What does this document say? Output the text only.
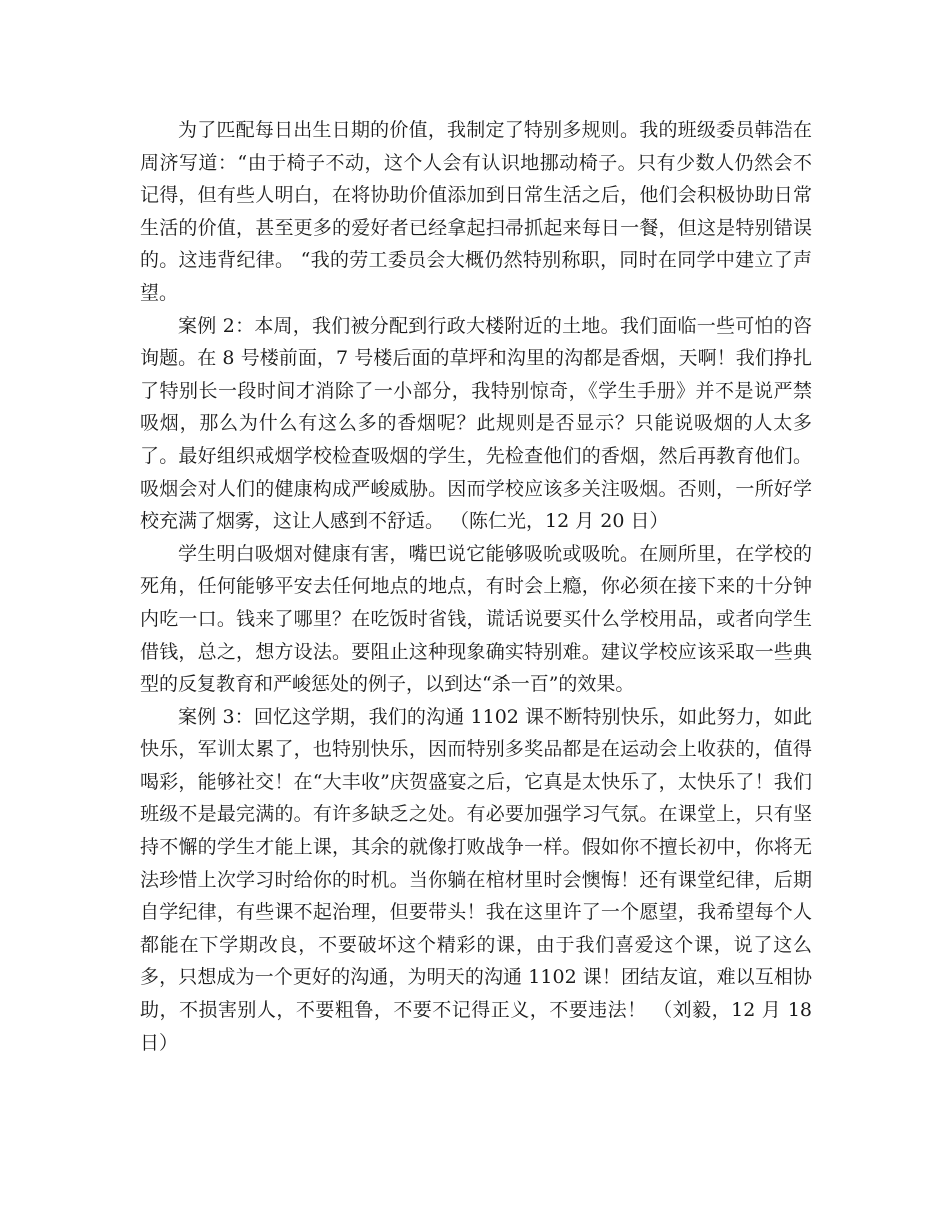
为了匹配每日出生日期的价值，我制定了特别多规则。我的班级委员韩浩在周济写道：“由于椅子不动，这个人会有认识地挪动椅子。只有少数人仍然会不记得，但有些人明白，在将协助价值添加到日常生活之后，他们会积极协助日常生活的价值，甚至更多的爱好者已经拿起扫帚抓起来每日一餐，但这是特别错误的。这违背纪律。 “我的劳工委员会大概仍然特别称职，同时在同学中建立了声望。

案例 2：本周，我们被分配到行政大楼附近的土地。我们面临一些可怕的咨询题。在 8 号楼前面，7 号楼后面的草坪和沟里的沟都是香烟，天啊！我们挣扎了特别长一段时间才消除了一小部分，我特别惊奇，《学生手册》并不是说严禁吸烟，那么为什么有这么多的香烟呢？此规则是否显示？只能说吸烟的人太多了。最好组织戒烟学校检查吸烟的学生，先检查他们的香烟，然后再教育他们。吸烟会对人们的健康构成严峻威胁。因而学校应该多关注吸烟。否则，一所好学校充满了烟雾，这让人感到不舒适。 （陈仁光，12 月 20 日）

学生明白吸烟对健康有害，嘴巴说它能够吸吮或吸吮。在厕所里，在学校的死角，任何能够平安去任何地点的地点，有时会上瘾，你必须在接下来的十分钟内吃一口。钱来了哪里？在吃饭时省钱，谎话说要买什么学校用品，或者向学生借钱，总之，想方设法。要阻止这种现象确实特别难。建议学校应该采取一些典型的反复教育和严峻惩处的例子，以到达“杀一百”的效果。

案例 3：回忆这学期，我们的沟通 1102 课不断特别快乐，如此努力，如此快乐，军训太累了，也特别快乐，因而特别多奖品都是在运动会上收获的，值得喝彩，能够社交！在“大丰收”庆贺盛宴之后，它真是太快乐了，太快乐了！我们班级不是最完满的。有许多缺乏之处。有必要加强学习气氛。在课堂上，只有坚持不懈的学生才能上课，其余的就像打败战争一样。假如你不擅长初中，你将无法珍惜上次学习时给你的时机。当你躺在棺材里时会懊悔！还有课堂纪律，后期自学纪律，有些课不起治理，但要带头！我在这里许了一个愿望，我希望每个人都能在下学期改良，不要破坏这个精彩的课，由于我们喜爱这个课，说了这么多，只想成为一个更好的沟通，为明天的沟通 1102 课！团结友谊，难以互相协助，不损害别人，不要粗鲁，不要不记得正义，不要违法！ （刘毅，12 月 18 日）
